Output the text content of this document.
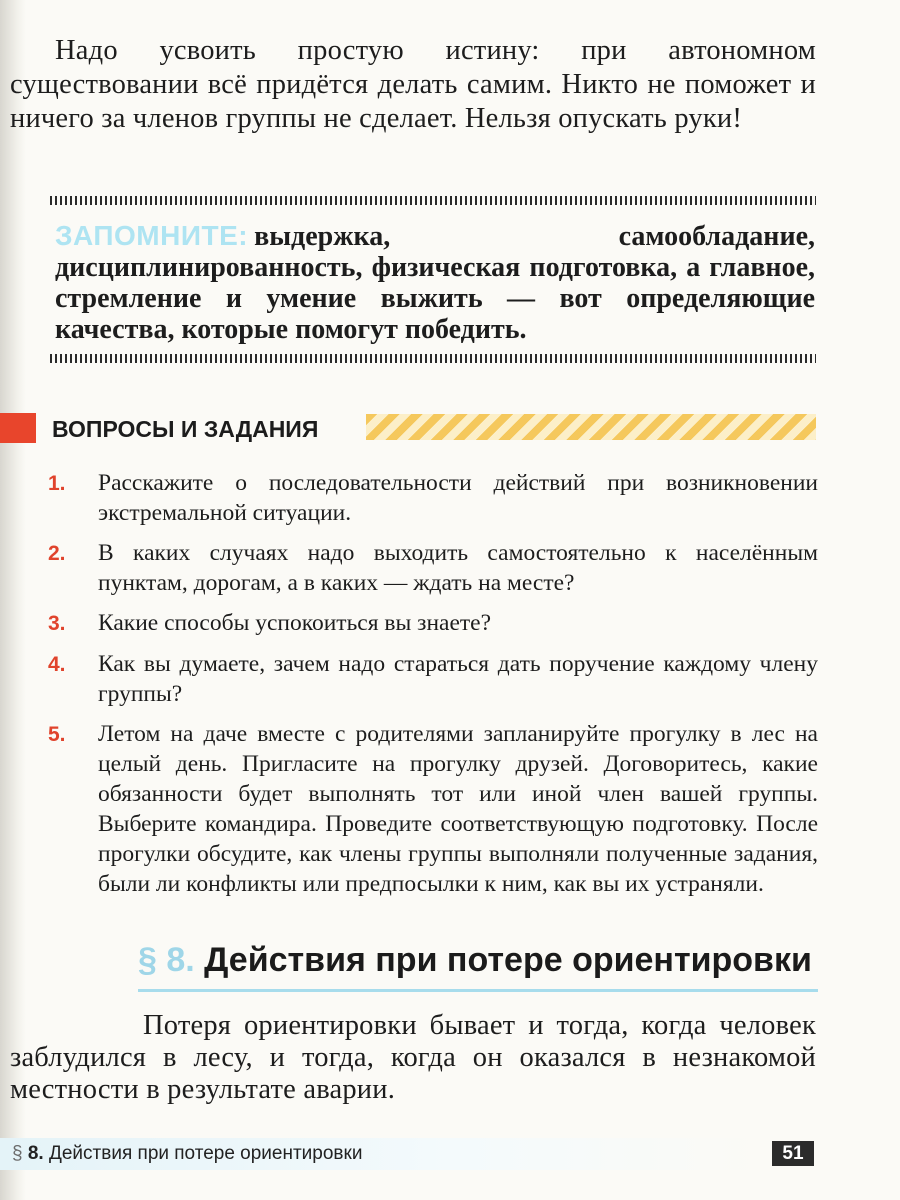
Надо усвоить простую истину: при автономном существовании всё придётся делать самим. Никто не поможет и ничего за членов группы не сделает. Нельзя опускать руки!

ЗАПОМНИТЕ: выдержка, самообладание, дисциплинированность, физическая подготовка, а главное, стремление и умение выжить — вот определяющие качества, которые помогут победить.

ВОПРОСЫ И ЗАДАНИЯ
1.	Расскажите о последовательности действий при возникновении экстремальной ситуации.
2.	В каких случаях надо выходить самостоятельно к населённым пунктам, дорогам, а в каких — ждать на месте?
3.	Какие способы успокоиться вы знаете?
4.	Как вы думаете, зачем надо стараться дать поручение каждому члену группы?
5.	Летом на даче вместе с родителями запланируйте прогулку в лес на целый день. Пригласите на прогулку друзей. Договоритесь, какие обязанности будет выполнять тот или иной член вашей группы. Выберите командира. Проведите соответствующую подготовку. После прогулки обсудите, как члены группы выполняли полученные задания, были ли конфликты или предпосылки к ним, как вы их устраняли.
§ 8. Действия при потере ориентировки

Потеря ориентировки бывает и тогда, когда человек заблудился в лесу, и тогда, когда он оказался в незнакомой местности в результате аварии.

§ 8. Действия при потере ориентировки	51
